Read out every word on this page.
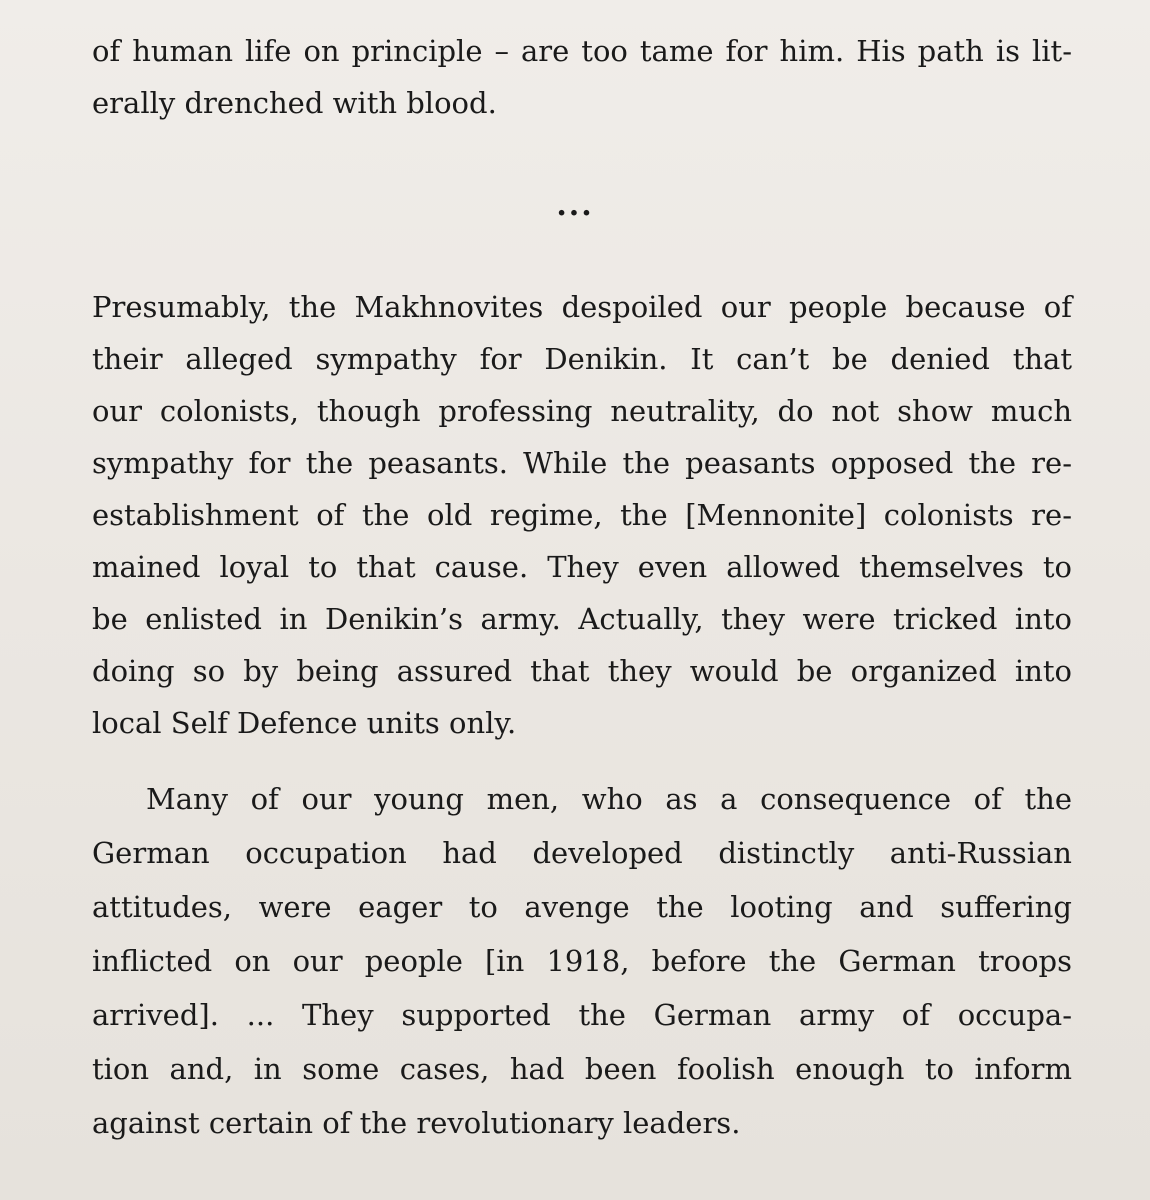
of human life on principle – are too tame for him. His path is lit-
erally drenched with blood.
...
Presumably, the Makhnovites despoiled our people because of
their alleged sympathy for Denikin. It can’t be denied that
our colonists, though professing neutrality, do not show much
sympathy for the peasants. While the peasants opposed the re-
establishment of the old regime, the [Mennonite] colonists re-
mained loyal to that cause. They even allowed themselves to
be enlisted in Denikin’s army. Actually, they were tricked into
doing so by being assured that they would be organized into
local Self Defence units only.
Many of our young men, who as a consequence of the
German occupation had developed distinctly anti-Russian
attitudes, were eager to avenge the looting and suffering
inflicted on our people [in 1918, before the German troops
arrived]. ... They supported the German army of occupa-
tion and, in some cases, had been foolish enough to inform
against certain of the revolutionary leaders.
